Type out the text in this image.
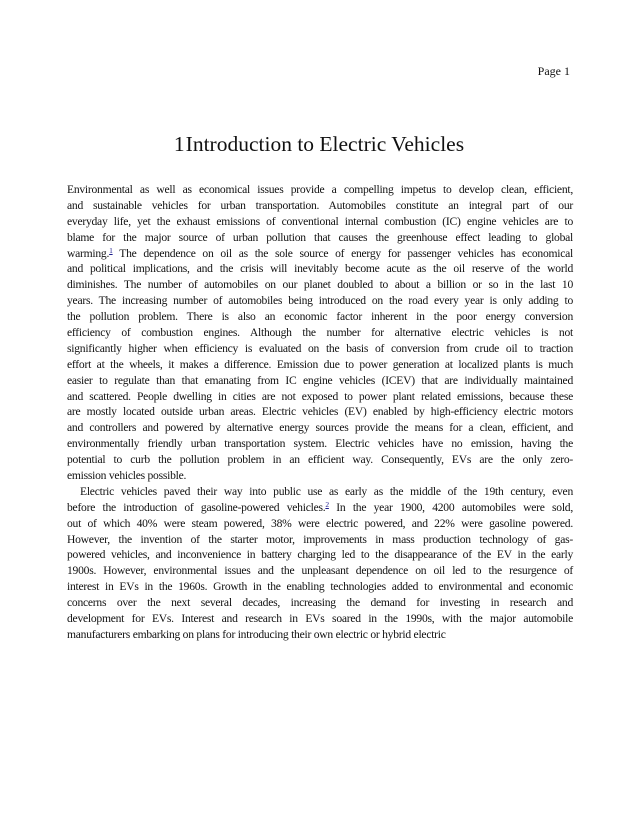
Page 1
1Introduction to Electric Vehicles
Environmental as well as economical issues provide a compelling impetus to develop clean, efficient,
and sustainable vehicles for urban transportation. Automobiles constitute an integral part of our
everyday life, yet the exhaust emissions of conventional internal combustion (IC) engine vehicles are to
blame for the major source of urban pollution that causes the greenhouse effect leading to global
warming.$^1$ The dependence on oil as the sole source of energy for passenger vehicles has economical
and political implications, and the crisis will inevitably become acute as the oil reserve of the world
diminishes. The number of automobiles on our planet doubled to about a billion or so in the last 10
years. The increasing number of automobiles being introduced on the road every year is only adding to
the pollution problem. There is also an economic factor inherent in the poor energy conversion
efficiency of combustion engines. Although the number for alternative electric vehicles is not
significantly higher when efficiency is evaluated on the basis of conversion from crude oil to traction
effort at the wheels, it makes a difference. Emission due to power generation at localized plants is much
easier to regulate than that emanating from IC engine vehicles (ICEV) that are individually maintained
and scattered. People dwelling in cities are not exposed to power plant related emissions, because these
are mostly located outside urban areas. Electric vehicles (EV) enabled by high-efficiency electric motors
and controllers and powered by alternative energy sources provide the means for a clean, efficient, and
environmentally friendly urban transportation system. Electric vehicles have no emission, having the
potential to curb the pollution problem in an efficient way. Consequently, EVs are the only zero-
emission vehicles possible.
Electric vehicles paved their way into public use as early as the middle of the 19th century, even
before the introduction of gasoline-powered vehicles.$^2$ In the year 1900, 4200 automobiles were sold,
out of which 40% were steam powered, 38% were electric powered, and 22% were gasoline powered.
However, the invention of the starter motor, improvements in mass production technology of gas-
powered vehicles, and inconvenience in battery charging led to the disappearance of the EV in the early
1900s. However, environmental issues and the unpleasant dependence on oil led to the resurgence of
interest in EVs in the 1960s. Growth in the enabling technologies added to environmental and economic
concerns over the next several decades, increasing the demand for investing in research and
development for EVs. Interest and research in EVs soared in the 1990s, with the major automobile
manufacturers embarking on plans for introducing their own electric or hybrid electric
